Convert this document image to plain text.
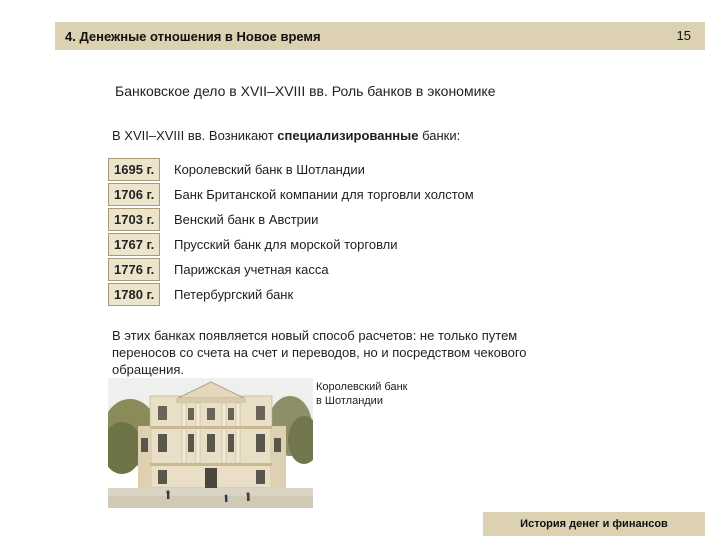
4. Денежные отношения в Новое время	15
Банковское дело в XVII–XVIII вв. Роль банков в экономике
В XVII–XVIII вв. Возникают специализированные банки:
1695 г.	Королевский банк в Шотландии
1706 г.	Банк Британской компании для торговли холстом
1703 г.	Венский банк в Австрии
1767 г.	Прусский банк для морской торговли
1776 г.	Парижская учетная касса
1780 г.	Петербургский банк
В этих банках появляется новый способ расчетов: не только путем переносов со счета на счет и переводов, но и посредством чекового обращения.
Королевский банк
в Шотландии
История денег и финансов
